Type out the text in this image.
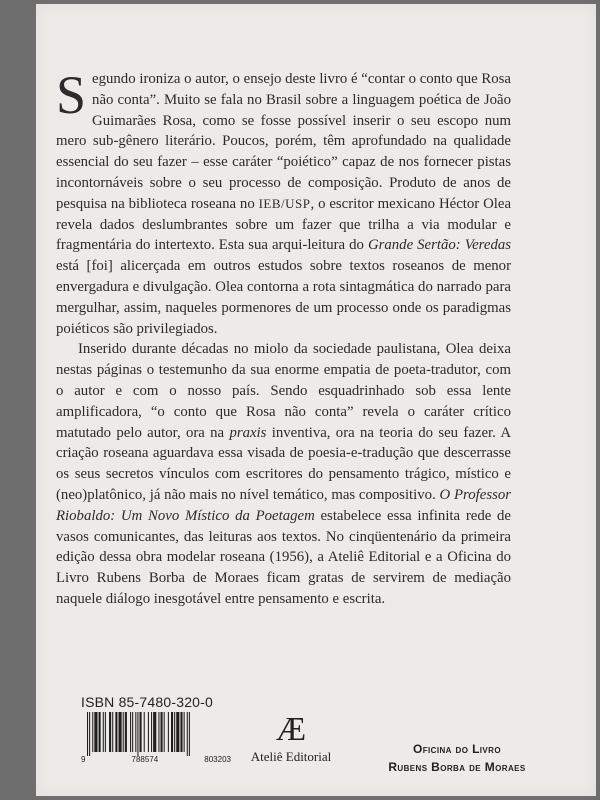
Segundo ironiza o autor, o ensejo deste livro é “contar o conto que Rosa não conta”. Muito se fala no Brasil sobre a linguagem poética de João Guimarães Rosa, como se fosse possível inserir o seu escopo num mero sub-gênero literário. Poucos, porém, têm aprofundado na qualidade essencial do seu fazer – esse caráter “poiético” capaz de nos fornecer pistas incontornáveis sobre o seu processo de composição. Produto de anos de pesquisa na biblioteca roseana no IEB/USP, o escritor mexicano Héctor Olea revela dados deslumbrantes sobre um fazer que trilha a via modular e fragmentária do intertexto. Esta sua arqui-leitura do Grande Sertão: Veredas está [foi] alicerçada em outros estudos sobre textos roseanos de menor envergadura e divulgação. Olea contorna a rota sintagmática do narrado para mergulhar, assim, naqueles pormenores de um processo onde os paradigmas poiéticos são privilegiados.

Inserido durante décadas no miolo da sociedade paulistana, Olea deixa nestas páginas o testemunho da sua enorme empatia de poeta-tradutor, com o autor e com o nosso país. Sendo esquadrinhado sob essa lente amplificadora, “o conto que Rosa não conta” revela o caráter crítico matutado pelo autor, ora na praxis inventiva, ora na teoria do seu fazer. A criação roseana aguardava essa visada de poesia-e-tradução que descerrasse os seus secretos vínculos com escritores do pensamento trágico, místico e (neo)platônico, já não mais no nível temático, mas compositivo. O Professor Riobaldo: Um Novo Místico da Poetagem estabelece essa infinita rede de vasos comunicantes, das leituras aos textos. No cinqüentenário da primeira edição dessa obra modelar roseana (1956), a Ateliê Editorial e a Oficina do Livro Rubens Borba de Moraes ficam gratas de servirem de mediação naquele diálogo inesgotável entre pensamento e escrita.

ISBN 85-7480-320-0
9	788574	803203
Æ
Ateliê Editorial	Oficina do Livro
Rubens Borba de Moraes
